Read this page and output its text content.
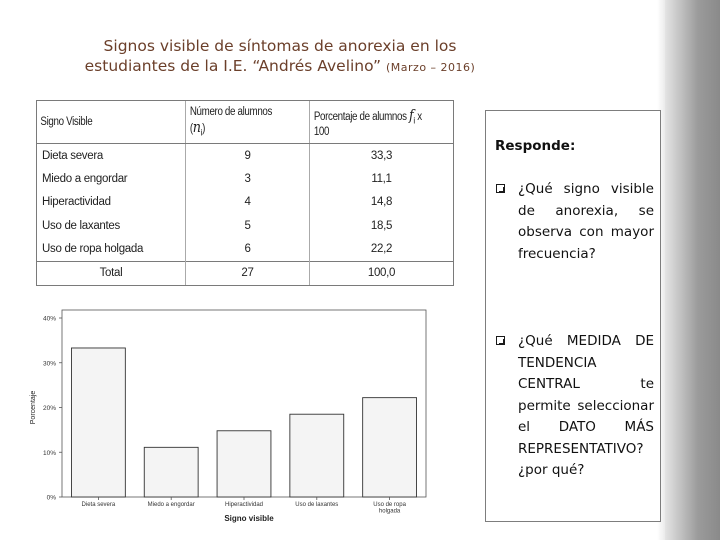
Signos visible de síntomas de anorexia en los
estudiantes de la I.E. “Andrés Avelino” (Marzo – 2016)
Signo Visible	Número de alumnos $(n_i)$	Porcentaje de alumnos $f_i$ x 100
Dieta severa	9	33,3
Miedo a engordar	3	11,1
Hiperactividad	4	14,8
Uso de laxantes	5	18,5
Uso de ropa holgada	6	22,2
Total	27	100,0
Responde:

¿Qué signo visible de anorexia, se observa con mayor frecuencia?

¿Qué MEDIDA DE TENDENCIA CENTRAL te permite seleccionar el DATO MÁS REPRESENTATIVO? ¿por qué?

0%
10%
20%
30%
40%
Dieta severa	Miedo a engordar	Hiperactividad	Uso de laxantes	Uso de ropa
holgada
Signo visible
Porcentaje
